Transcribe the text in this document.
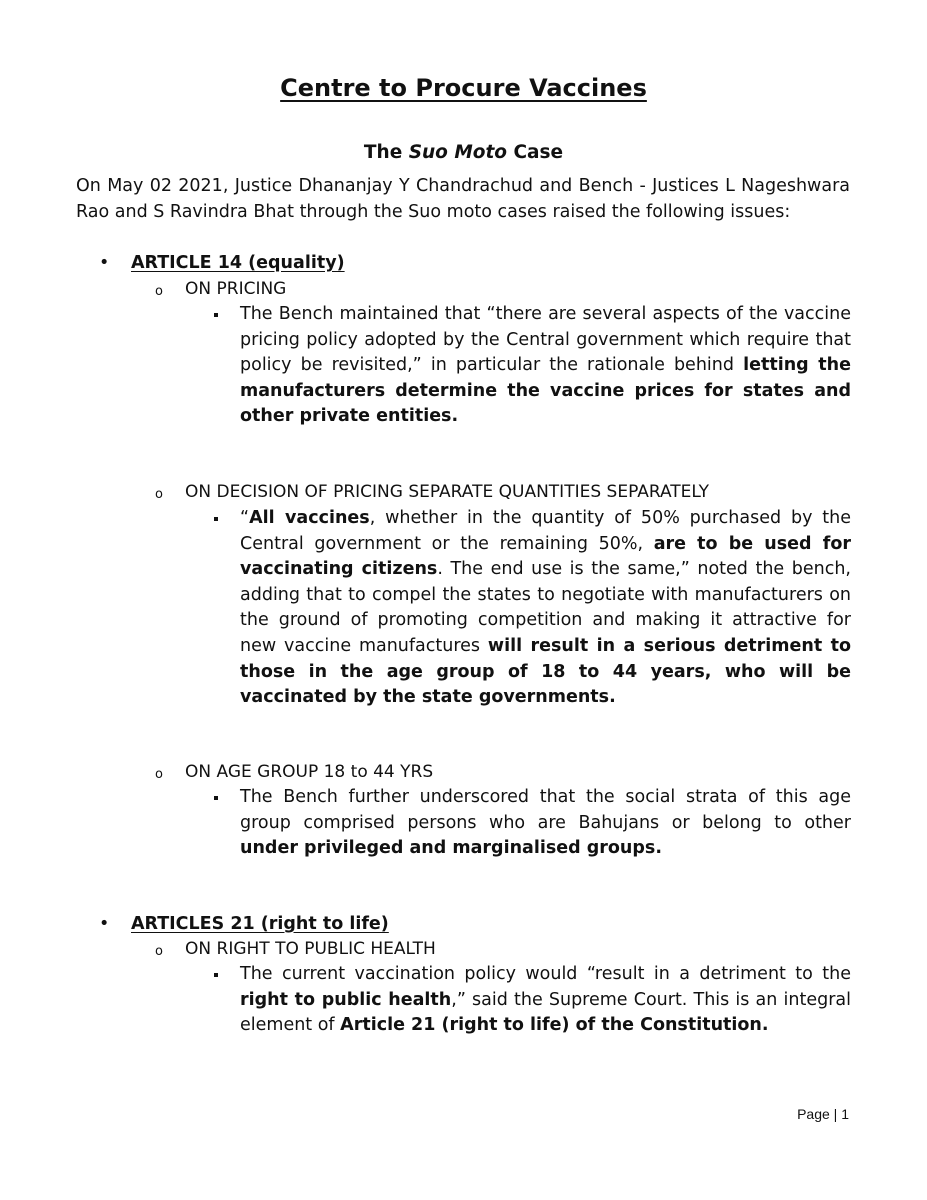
Centre to Procure Vaccines
The Suo Moto Case
On May 02 2021, Justice Dhananjay Y Chandrachud and Bench - Justices L Nageshwara Rao and S Ravindra Bhat through the Suo moto cases raised the following issues:
• ARTICLE 14 (equality)
o ON PRICING
The Bench maintained that “there are several aspects of the vaccine pricing policy adopted by the Central government which require that policy be revisited,” in particular the rationale behind letting the manufacturers determine the vaccine prices for states and other private entities.
o ON DECISION OF PRICING SEPARATE QUANTITIES SEPARATELY
“All vaccines, whether in the quantity of 50% purchased by the Central government or the remaining 50%, are to be used for vaccinating citizens. The end use is the same,” noted the bench, adding that to compel the states to negotiate with manufacturers on the ground of promoting competition and making it attractive for new vaccine manufactures will result in a serious detriment to those in the age group of 18 to 44 years, who will be vaccinated by the state governments.
o ON AGE GROUP 18 to 44 YRS
The Bench further underscored that the social strata of this age group comprised persons who are Bahujans or belong to other under privileged and marginalised groups.
• ARTICLES 21 (right to life)
o ON RIGHT TO PUBLIC HEALTH
The current vaccination policy would “result in a detriment to the right to public health,” said the Supreme Court. This is an integral element of Article 21 (right to life) of the Constitution.
Page | 1
